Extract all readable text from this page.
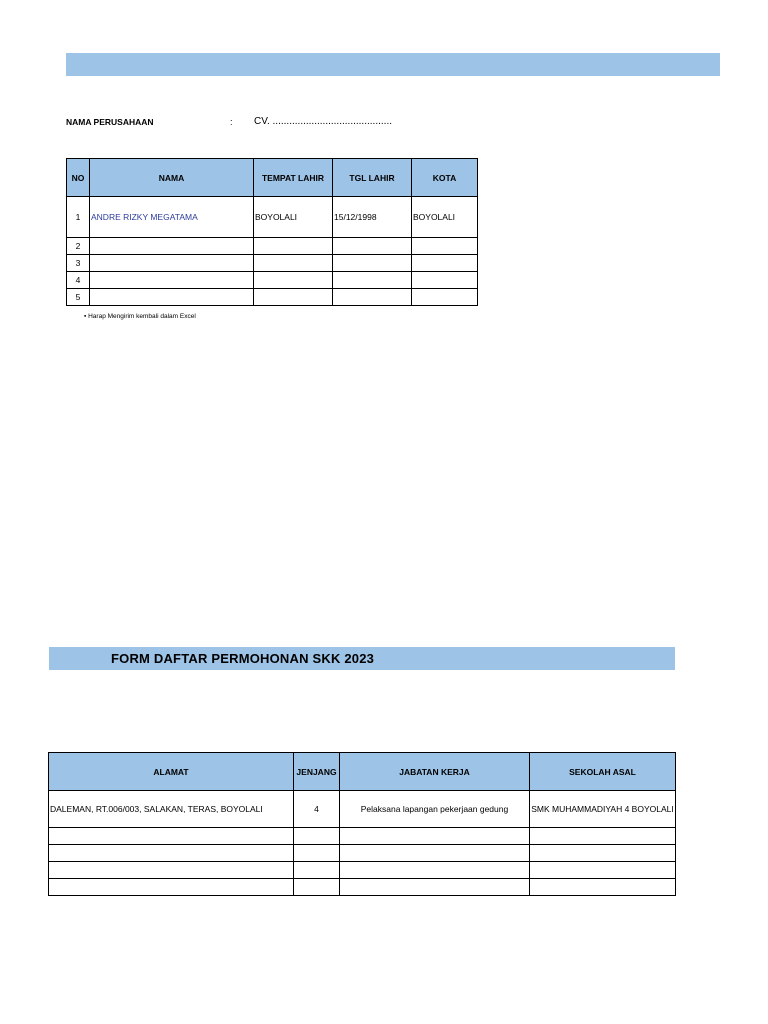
NAMA PERUSAHAAN	: CV. ...........................................
NO	NAMA	TEMPAT LAHIR	TGL LAHIR	KOTA
1	ANDRE RIZKY MEGATAMA	BOYOLALI	15/12/1998	BOYOLALI
2				
3				
4				
5				
▪ Harap Mengirim kembali dalam Excel
FORM DAFTAR PERMOHONAN SKK 2023
ALAMAT	JENJANG	JABATAN KERJA	SEKOLAH ASAL
DALEMAN, RT.006/003, SALAKAN, TERAS, BOYOLALI	4	Pelaksana lapangan pekerjaan gedung	SMK MUHAMMADIYAH 4 BOYOLALI
